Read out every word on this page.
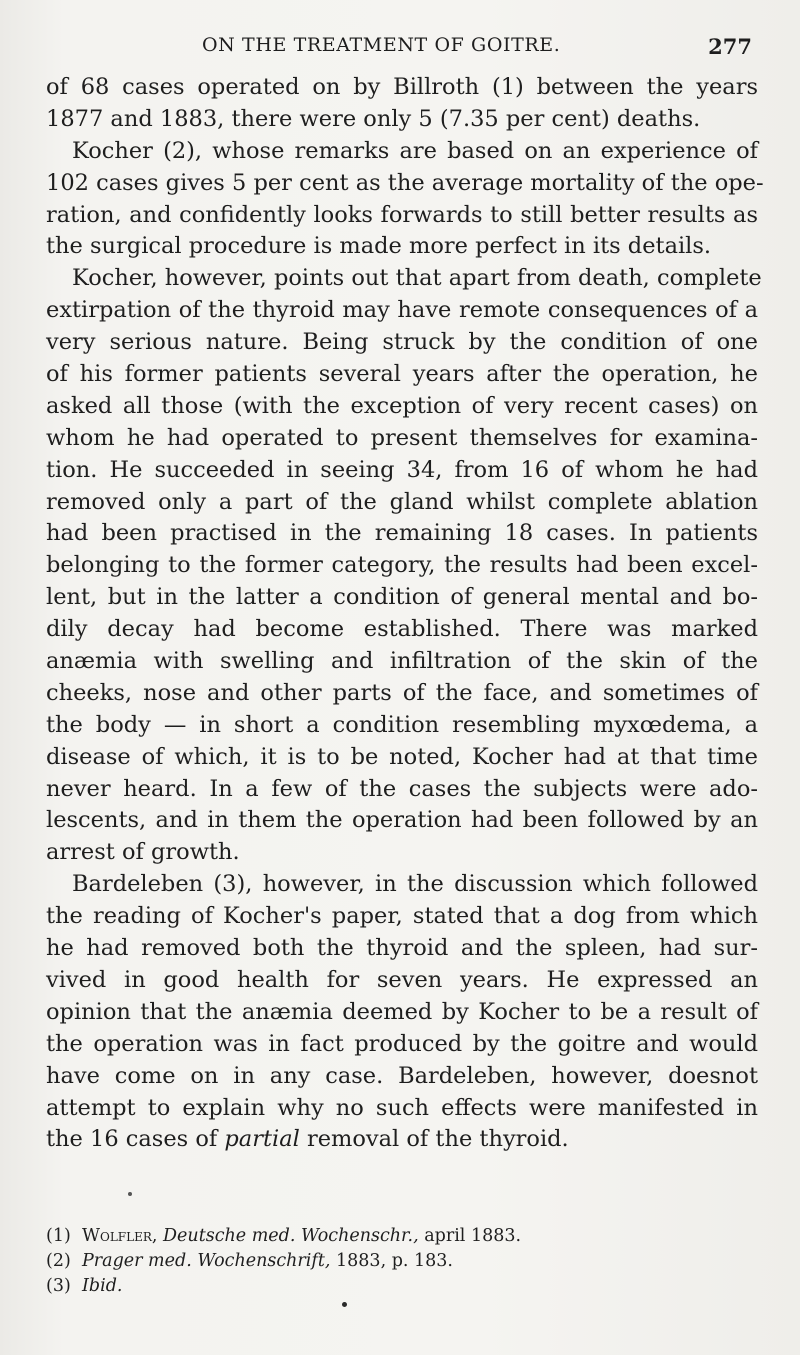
ON THE TREATMENT OF GOITRE.	277
of 68 cases operated on by Billroth (1) between the years
1877 and 1883, there were only 5 (7.35 per cent) deaths.
Kocher (2), whose remarks are based on an experience of
102 cases gives 5 per cent as the average mortality of the ope-
ration, and confidently looks forwards to still better results as
the surgical procedure is made more perfect in its details.
Kocher, however, points out that apart from death, complete
extirpation of the thyroid may have remote consequences of a
very serious nature. Being struck by the condition of one
of his former patients several years after the operation, he
asked all those (with the exception of very recent cases) on
whom he had operated to present themselves for examina-
tion. He succeeded in seeing 34, from 16 of whom he had
removed only a part of the gland whilst complete ablation
had been practised in the remaining 18 cases. In patients
belonging to the former category, the results had been excel-
lent, but in the latter a condition of general mental and bo-
dily decay had become established. There was marked
anæmia with swelling and infiltration of the skin of the
cheeks, nose and other parts of the face, and sometimes of
the body — in short a condition resembling myxœdema, a
disease of which, it is to be noted, Kocher had at that time
never heard. In a few of the cases the subjects were ado-
lescents, and in them the operation had been followed by an
arrest of growth.
Bardeleben (3), however, in the discussion which followed
the reading of Kocher's paper, stated that a dog from which
he had removed both the thyroid and the spleen, had sur-
vived in good health for seven years. He expressed an
opinion that the anæmia deemed by Kocher to be a result of
the operation was in fact produced by the goitre and would
have come on in any case. Bardeleben, however, doesnot
attempt to explain why no such effects were manifested in
the 16 cases of partial removal of the thyroid.
(1) Wolfler, Deutsche med. Wochenschr., april 1883.
(2) Prager med. Wochenschrift, 1883, p. 183.
(3) Ibid.
